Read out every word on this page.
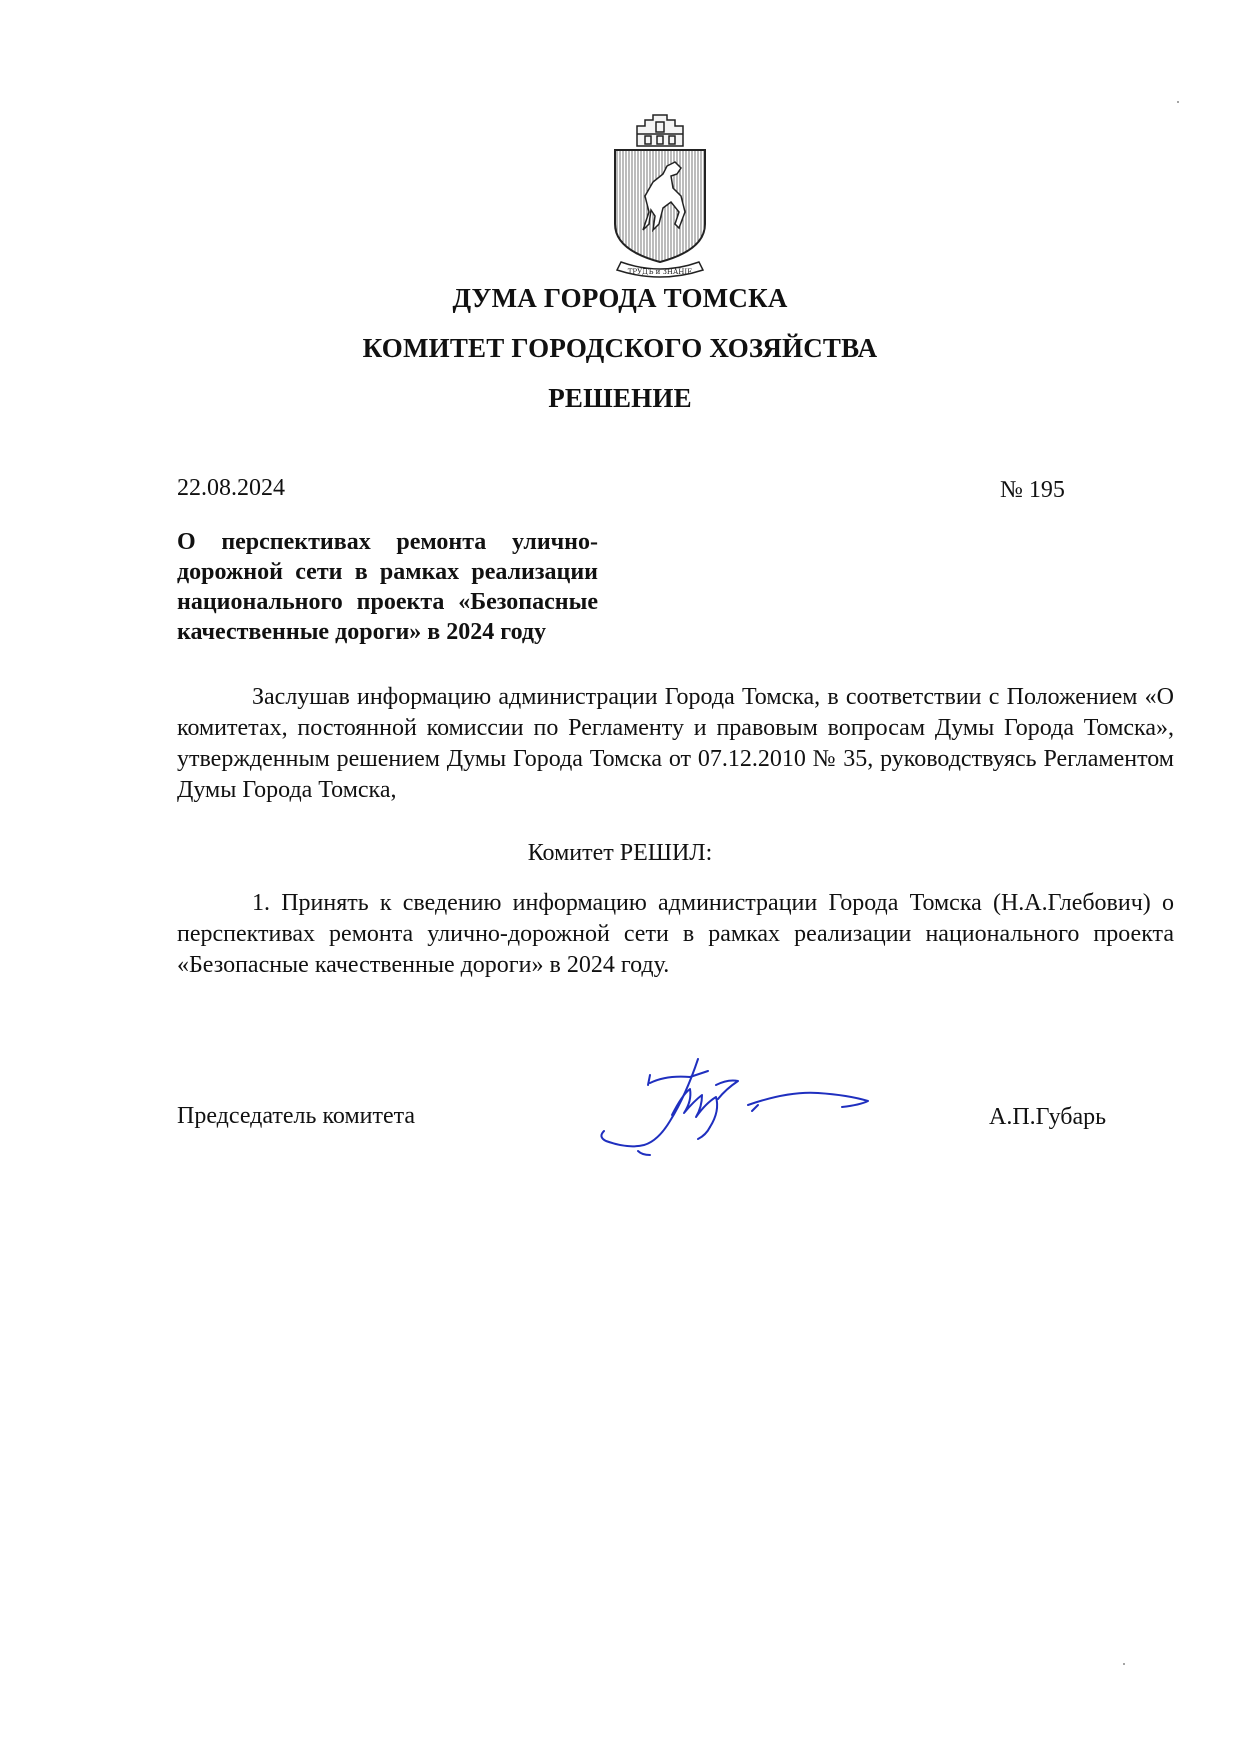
ТРУДЪ и ЗНАНIЕ
ДУМА ГОРОДА ТОМСКА
КОМИТЕТ ГОРОДСКОГО ХОЗЯЙСТВА
РЕШЕНИЕ
22.08.2024	№ 195
О перспективах ремонта улично-дорожной сети в рамках реализации национального проекта «Безопасные качественные дороги» в 2024 году
Заслушав информацию администрации Города Томска, в соответствии с Положением «О комитетах, постоянной комиссии по Регламенту и правовым вопросам Думы Города Томска», утвержденным решением Думы Города Томска от 07.12.2010 № 35, руководствуясь Регламентом Думы Города Томска,
Комитет РЕШИЛ:
1. Принять к сведению информацию администрации Города Томска (Н.А.Глебович) о перспективах ремонта улично-дорожной сети в рамках реализации национального проекта «Безопасные качественные дороги» в 2024 году.
Председатель комитета	А.П.Губарь
